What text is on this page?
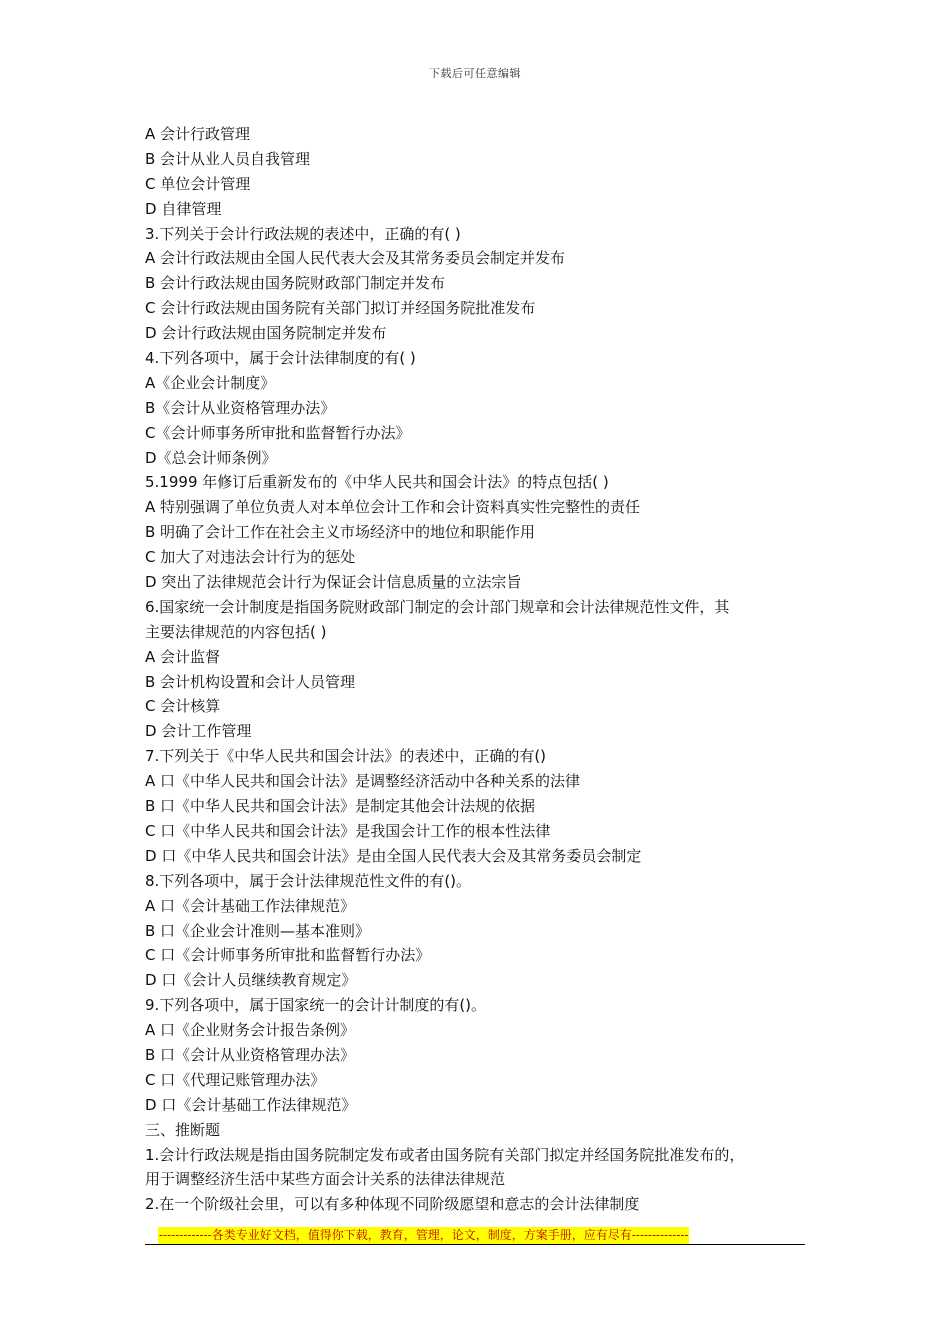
下载后可任意编辑
A 会计行政管理
B 会计从业人员自我管理
C 单位会计管理
D 自律管理
3.下列关于会计行政法规的表述中，正确的有( )
A 会计行政法规由全国人民代表大会及其常务委员会制定并发布
B 会计行政法规由国务院财政部门制定并发布
C 会计行政法规由国务院有关部门拟订并经国务院批准发布
D 会计行政法规由国务院制定并发布
4.下列各项中，属于会计法律制度的有( )
A《企业会计制度》
B《会计从业资格管理办法》
C《会计师事务所审批和监督暂行办法》
D《总会计师条例》
5.1999 年修订后重新发布的《中华人民共和国会计法》的特点包括( )
A 特别强调了单位负责人对本单位会计工作和会计资料真实性完整性的责任
B 明确了会计工作在社会主义市场经济中的地位和职能作用
C 加大了对违法会计行为的惩处
D 突出了法律规范会计行为保证会计信息质量的立法宗旨
6.国家统一会计制度是指国务院财政部门制定的会计部门规章和会计法律规范性文件，其
主要法律规范的内容包括( )
A 会计监督
B 会计机构设置和会计人员管理
C 会计核算
D 会计工作管理
7.下列关于《中华人民共和国会计法》的表述中，正确的有()
A 口《中华人民共和国会计法》是调整经济活动中各种关系的法律
B 口《中华人民共和国会计法》是制定其他会计法规的依据
C 口《中华人民共和国会计法》是我国会计工作的根本性法律
D 口《中华人民共和国会计法》是由全国人民代表大会及其常务委员会制定
8.下列各项中，属于会计法律规范性文件的有()。
A 口《会计基础工作法律规范》
B 口《企业会计准则—基本准则》
C 口《会计师事务所审批和监督暂行办法》
D 口《会计人员继续教育规定》
9.下列各项中，属于国家统一的会计计制度的有()。
A 口《企业财务会计报告条例》
B 口《会计从业资格管理办法》
C 口《代理记账管理办法》
D 口《会计基础工作法律规范》
三、推断题
1.会计行政法规是指由国务院制定发布或者由国务院有关部门拟定并经国务院批准发布的，
用于调整经济生活中某些方面会计关系的法律法律规范
2.在一个阶级社会里，可以有多种体现不同阶级愿望和意志的会计法律制度
-------------各类专业好文档，值得你下载，教育，管理，论文，制度，方案手册，应有尽有--------------
